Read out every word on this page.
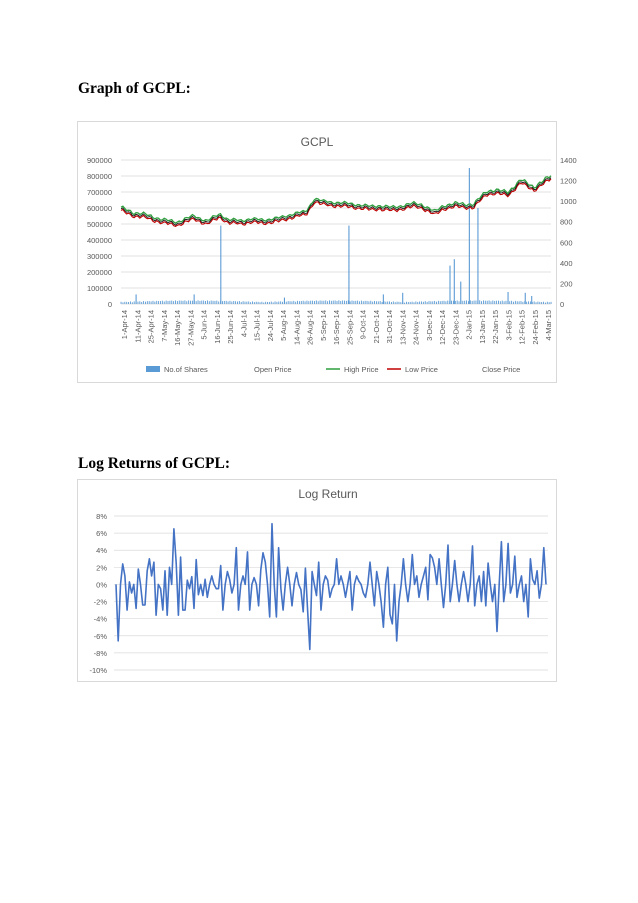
Graph of GCPL:
GCPL
0
100000
200000
300000
400000
500000
600000
700000
800000
900000
0
200
400
600
800
1000
1200
1400
1-Apr-14 11-Apr-14 25-Apr-14 7-May-14 16-May-14 27-May-14 5-Jun-14 16-Jun-14 25-Jun-14 4-Jul-14 15-Jul-14 24-Jul-14 5-Aug-14 14-Aug-14 26-Aug-14 5-Sep-14 16-Sep-14 25-Sep-14 9-Oct-14 21-Oct-14 31-Oct-14 13-Nov-14 24-Nov-14 3-Dec-14 12-Dec-14 23-Dec-14 2-Jan-15 13-Jan-15 22-Jan-15 3-Feb-15 12-Feb-15 24-Feb-15 4-Mar-15
No.of Shares	Open Price	High Price	Low Price	Close Price
Log Returns of GCPL:
Log Return
8%
6%
4%
2%
0%
-2%
-4%
-6%
-8%
-10%
